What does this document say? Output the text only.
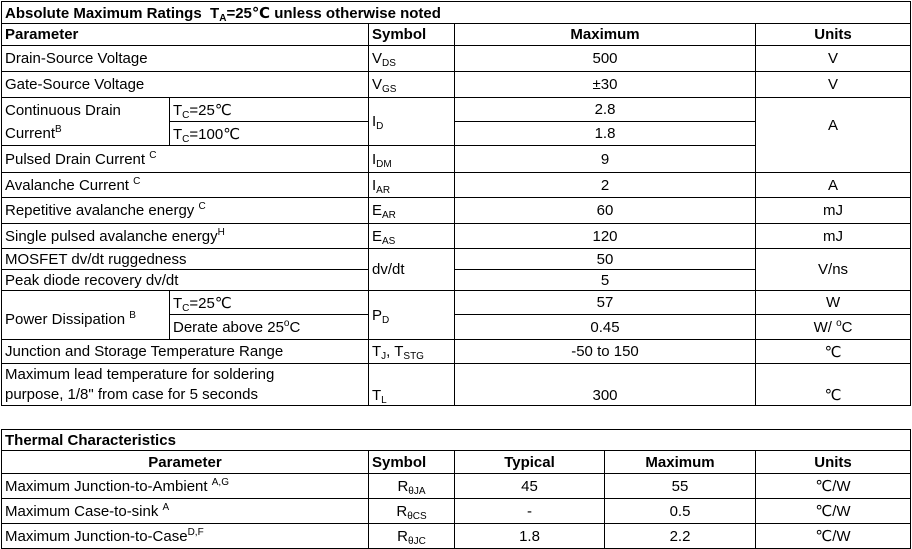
Absolute Maximum Ratings $T_A=25℃$ unless otherwise noted				
Parameter		Symbol	Maximum	Units
Drain-Source Voltage		$V_{DS}$	500	V
Gate-Source Voltage		$V_{GS}$	±30	V
Continuous Drain
Current$^B$	$T_C=25℃$	$I_D$	2.8	A
	$T_C=100℃$		1.8	
Pulsed Drain Current $^C$		$I_{DM}$	9	
Avalanche Current $^C$		$I_{AR}$	2	A
Repetitive avalanche energy $^C$		$E_{AR}$	60	mJ
Single pulsed avalanche energy$^H$		$E_{AS}$	120	mJ
MOSFET dv/dt ruggedness		dv/dt	50	V/ns
Peak diode recovery dv/dt			5	
Power Dissipation $^B$	$T_C=25℃$	$P_D$	57	W
	Derate above 25$^o$C		0.45	W/ $^o$C
Junction and Storage Temperature Range		$T_J$, $T_{STG}$	-50 to 150	℃
Maximum lead temperature for soldering
purpose, 1/8" from case for 5 seconds		$T_L$	300	℃
Thermal Characteristics				
Parameter	Symbol	Typical	Maximum	Units
Maximum Junction-to-Ambient $^{A,G}$	$R_{\theta JA}$	45	55	℃/W
Maximum Case-to-sink $^A$	$R_{\theta CS}$	-	0.5	℃/W
Maximum Junction-to-Case$^{D,F}$	$R_{\theta JC}$	1.8	2.2	℃/W
